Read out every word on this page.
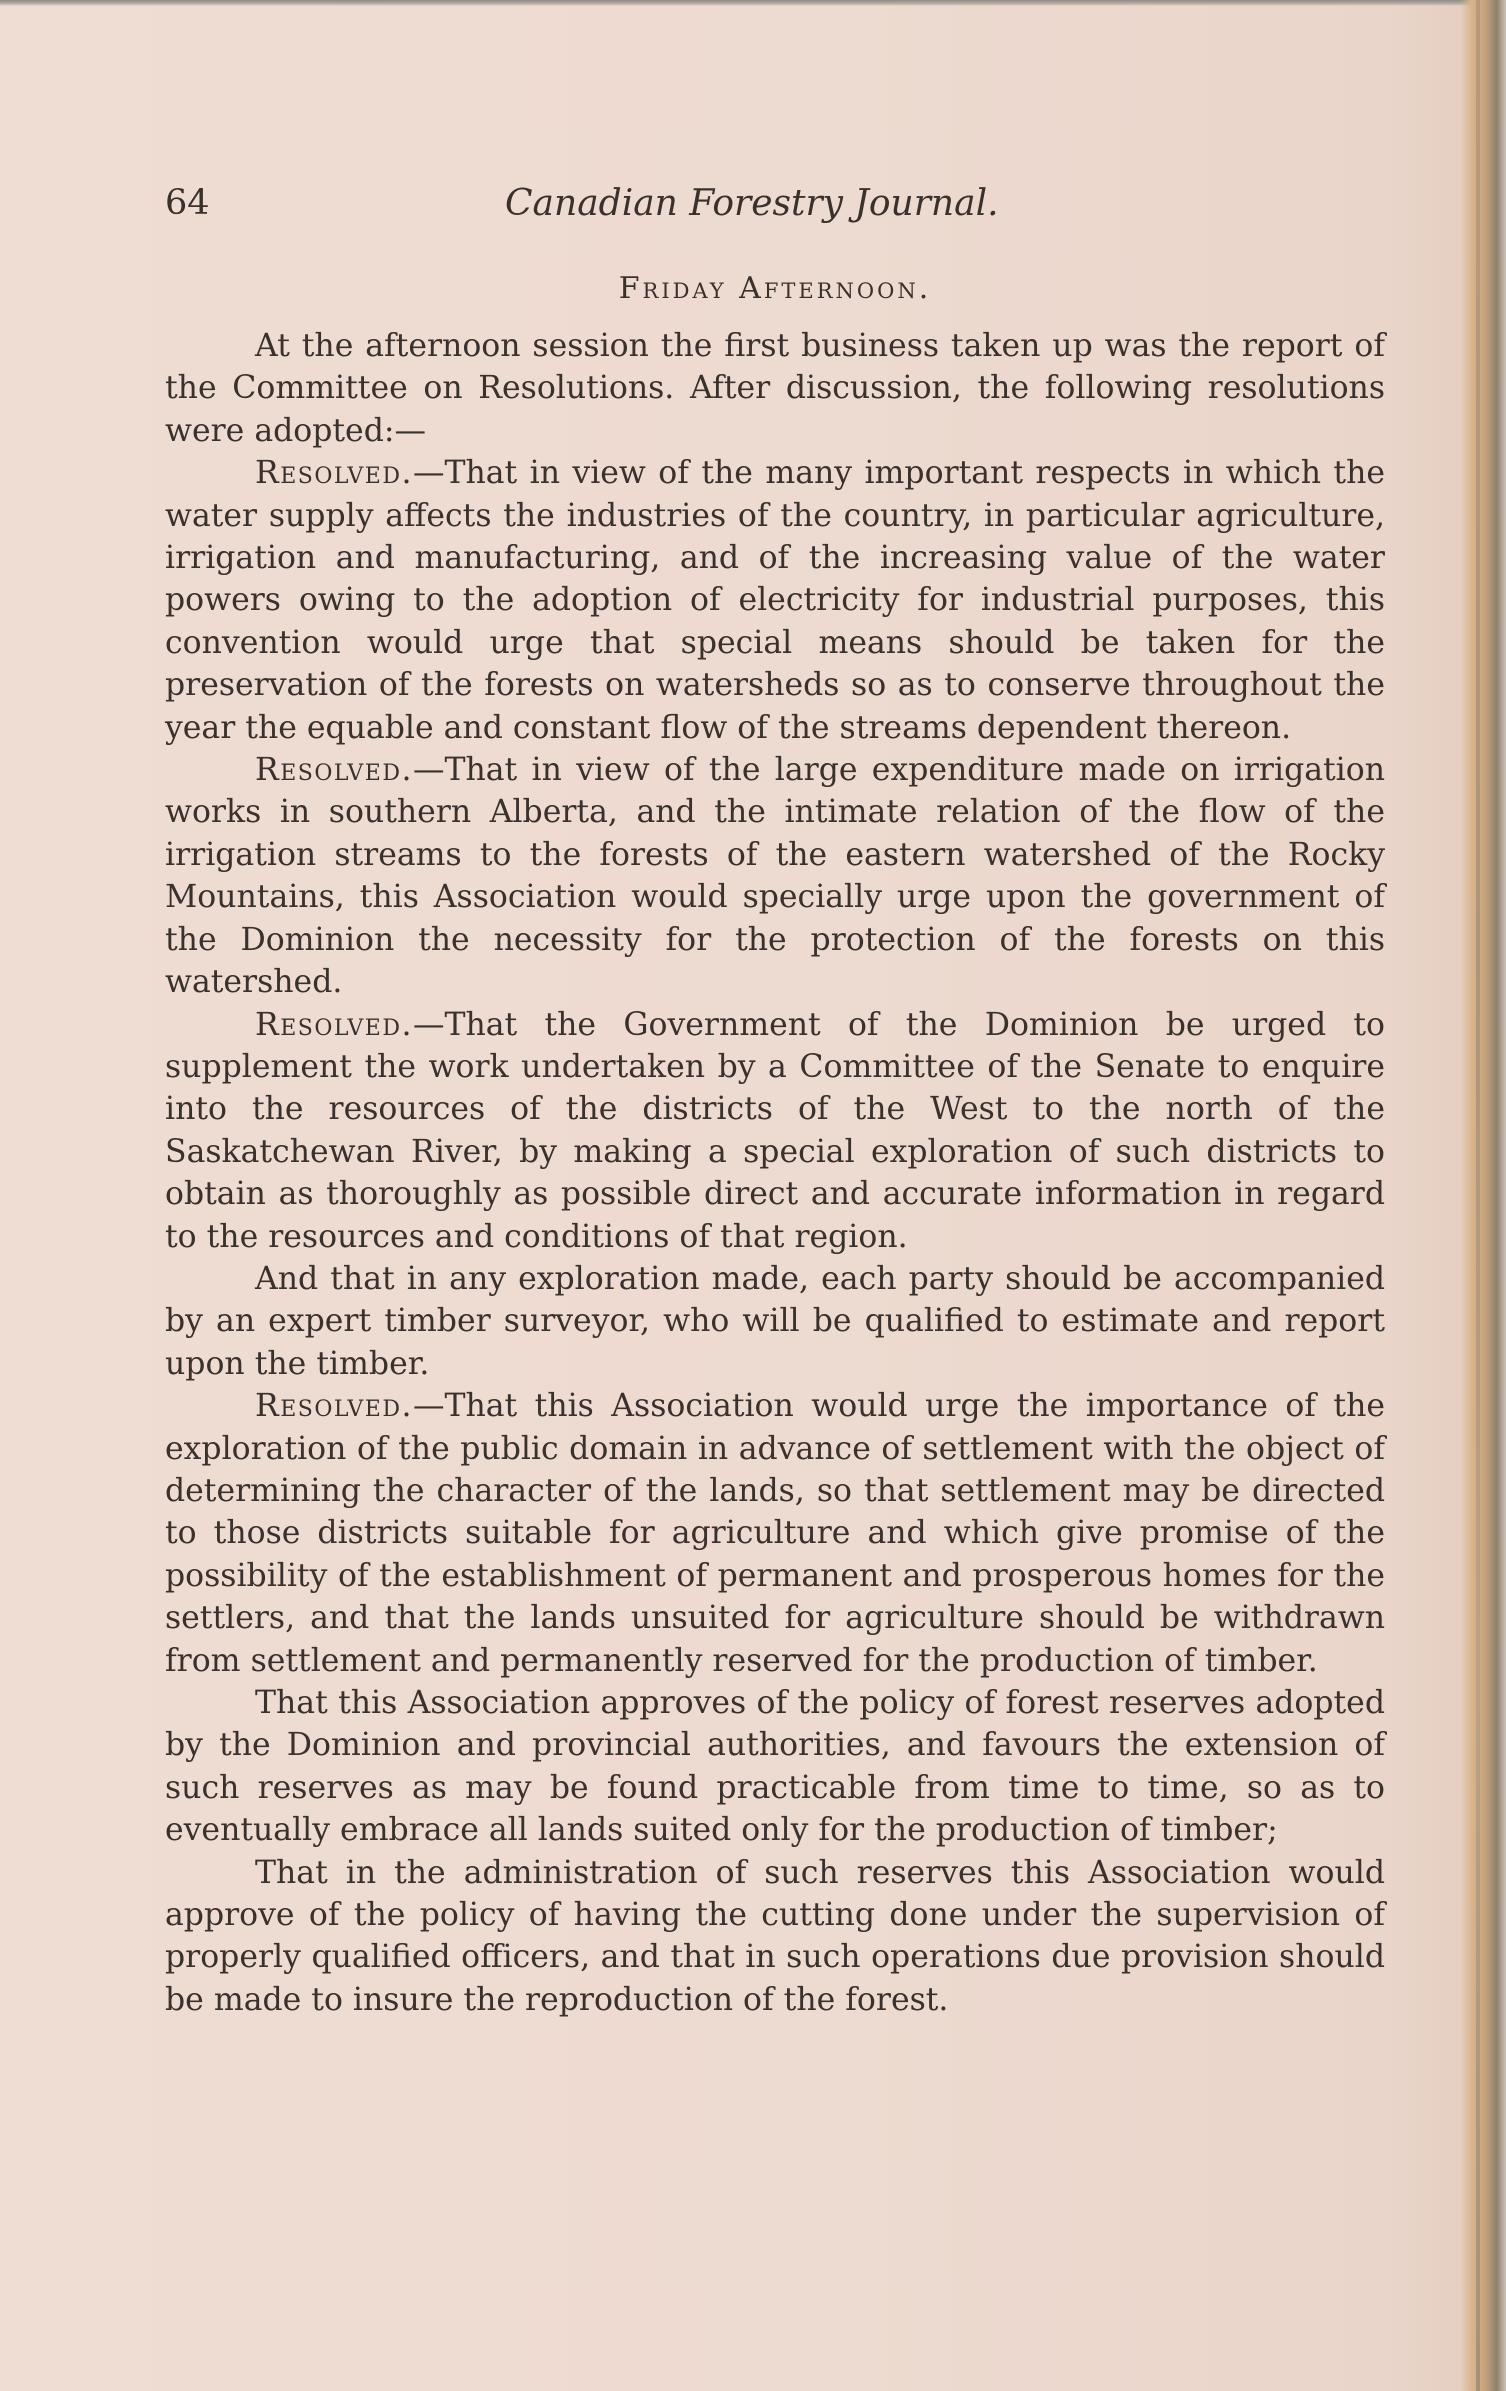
64	Canadian Forestry Journal.
Friday Afternoon.

At the afternoon session the first business taken up was the report of the Committee on Resolutions. After discussion, the following resolutions were adopted:—

Resolved.—That in view of the many important respects in which the water supply affects the industries of the country, in particular agriculture, irrigation and manufacturing, and of the increasing value of the water powers owing to the adoption of electricity for industrial purposes, this convention would urge that special means should be taken for the preservation of the forests on watersheds so as to conserve throughout the year the equable and constant flow of the streams dependent thereon.

Resolved.—That in view of the large expenditure made on irrigation works in southern Alberta, and the intimate relation of the flow of the irrigation streams to the forests of the eastern watershed of the Rocky Mountains, this Association would specially urge upon the government of the Dominion the necessity for the protection of the forests on this watershed.

Resolved.—That the Government of the Dominion be urged to supplement the work undertaken by a Committee of the Senate to enquire into the resources of the districts of the West to the north of the Saskatchewan River, by making a special exploration of such districts to obtain as thoroughly as possible direct and accurate information in regard to the resources and conditions of that region.

And that in any exploration made, each party should be accompanied by an expert timber surveyor, who will be qualified to estimate and report upon the timber.

Resolved.—That this Association would urge the importance of the exploration of the public domain in advance of settlement with the object of determining the character of the lands, so that settlement may be directed to those districts suitable for agriculture and which give promise of the possibility of the establishment of permanent and prosperous homes for the settlers, and that the lands unsuited for agriculture should be withdrawn from settlement and permanently reserved for the production of timber.

That this Association approves of the policy of forest reserves adopted by the Dominion and provincial authorities, and favours the extension of such reserves as may be found practicable from time to time, so as to eventually embrace all lands suited only for the production of timber;

That in the administration of such reserves this Association would approve of the policy of having the cutting done under the supervision of properly qualified officers, and that in such operations due provision should be made to insure the reproduction of the forest.
